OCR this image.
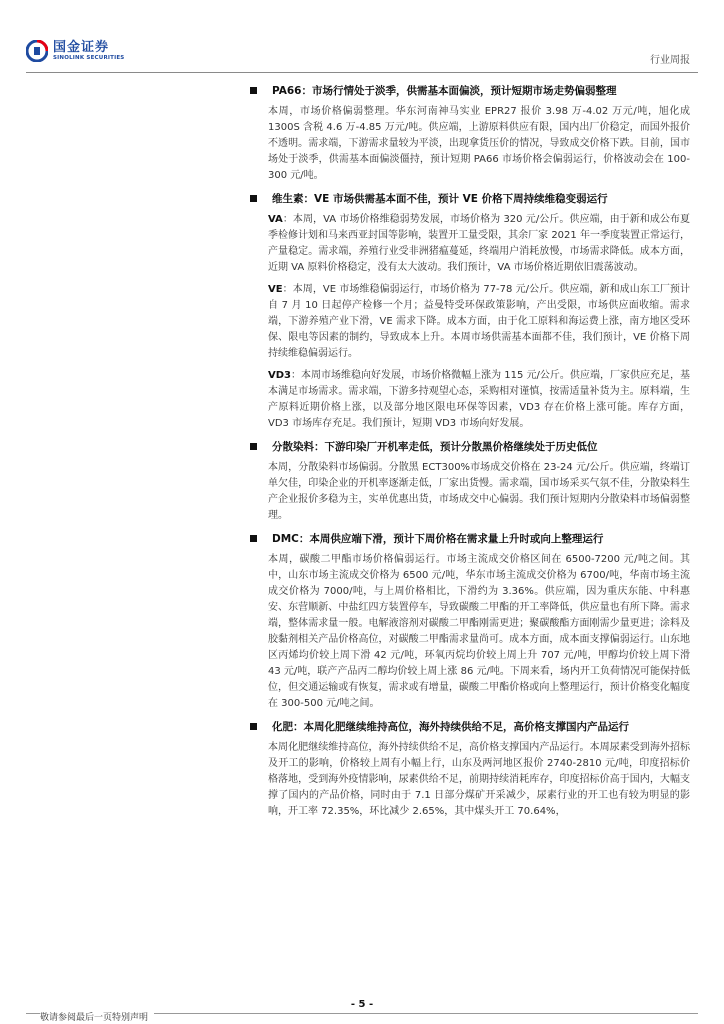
国金证券
SINOLINK SECURITIES	行业周报
PA66：市场行情处于淡季，供需基本面偏淡，预计短期市场走势偏弱整理

本周，市场价格偏弱整理。华东河南神马实业 EPR27 报价 3.98 万-4.02 万元/吨，旭化成 1300S 含税 4.6 万-4.85 万元/吨。供应端，上游原料供应有限，国内出厂价稳定，而国外报价不透明。需求端，下游需求量较为平淡，出现拿货压价的情况，导致成交价格下跌。目前，国市场处于淡季，供需基本面偏淡僵持，预计短期 PA66 市场价格会偏弱运行，价格波动会在 100-300 元/吨。

维生素：VE 市场供需基本面不佳，预计 VE 价格下周持续维稳变弱运行

VA：本周，VA 市场价格维稳弱势发展，市场价格为 320 元/公斤。供应端，由于新和成公布夏季检修计划和马来西亚封国等影响，装置开工量受限，其余厂家 2021 年一季度装置正常运行，产量稳定。需求端，养殖行业受非洲猪瘟蔓延，终端用户消耗放慢，市场需求降低。成本方面，近期 VA 原料价格稳定，没有太大波动。我们预计，VA 市场价格近期依旧震荡波动。

VE：本周，VE 市场维稳偏弱运行，市场价格为 77-78 元/公斤。供应端，新和成山东工厂预计自 7 月 10 日起停产检修一个月；益曼特受环保政策影响，产出受限，市场供应面收缩。需求端，下游养殖产业下滑，VE 需求下降。成本方面，由于化工原料和海运费上涨，南方地区受环保、限电等因素的制约，导致成本上升。本周市场供需基本面都不佳，我们预计，VE 价格下周持续维稳偏弱运行。

VD3：本周市场维稳向好发展，市场价格微幅上涨为 115 元/公斤。供应端，厂家供应充足，基本满足市场需求。需求端，下游多持观望心态，采购相对谨慎，按需适量补货为主。原料端，生产原料近期价格上涨，以及部分地区限电环保等因素，VD3 存在价格上涨可能。库存方面，VD3 市场库存充足。我们预计，短期 VD3 市场向好发展。

分散染料：下游印染厂开机率走低，预计分散黑价格继续处于历史低位

本周，分散染料市场偏弱。分散黑 ECT300%市场成交价格在 23-24 元/公斤。供应端，终端订单欠佳，印染企业的开机率逐渐走低，厂家出货慢。需求端，国市场采买气氛不佳，分散染料生产企业报价多稳为主，实单优惠出货，市场成交中心偏弱。我们预计短期内分散染料市场偏弱整理。

DMC：本周供应端下滑，预计下周价格在需求量上升时或向上整理运行

本周，碳酸二甲酯市场价格偏弱运行。市场主流成交价格区间在 6500-7200 元/吨之间。其中，山东市场主流成交价格为 6500 元/吨，华东市场主流成交价格为 6700/吨，华南市场主流成交价格为 7000/吨，与上周价格相比，下滑约为 3.36%。供应端，因为重庆东能、中科惠安、东营顺新、中盐红四方装置停车，导致碳酸二甲酯的开工率降低，供应量也有所下降。需求端，整体需求量一般。电解液溶剂对碳酸二甲酯刚需更进；聚碳酸酯方面刚需少量更进；涂料及胶黏剂相关产品价格高位，对碳酸二甲酯需求量尚可。成本方面，成本面支撑偏弱运行。山东地区丙烯均价较上周下滑 42 元/吨，环氧丙烷均价较上周上升 707 元/吨，甲醇均价较上周下滑 43 元/吨，联产产品丙二醇均价较上周上涨 86 元/吨。下周来看，场内开工负荷情况可能保持低位，但交通运输或有恢复，需求或有增量，碳酸二甲酯价格或向上整理运行，预计价格变化幅度在 300-500 元/吨之间。

化肥：本周化肥继续维持高位，海外持续供给不足，高价格支撑国内产品运行

本周化肥继续维持高位，海外持续供给不足，高价格支撑国内产品运行。本周尿素受到海外招标及开工的影响，价格较上周有小幅上行，山东及两河地区报价 2740-2810 元/吨，印度招标价格落地，受到海外疫情影响，尿素供给不足，前期持续消耗库存，印度招标价高于国内，大幅支撑了国内的产品价格，同时由于 7.1 日部分煤矿开采减少，尿素行业的开工也有较为明显的影响，开工率 72.35%，环比减少 2.65%，其中煤头开工 70.64%，

- 5 -
敬请参阅最后一页特别声明
